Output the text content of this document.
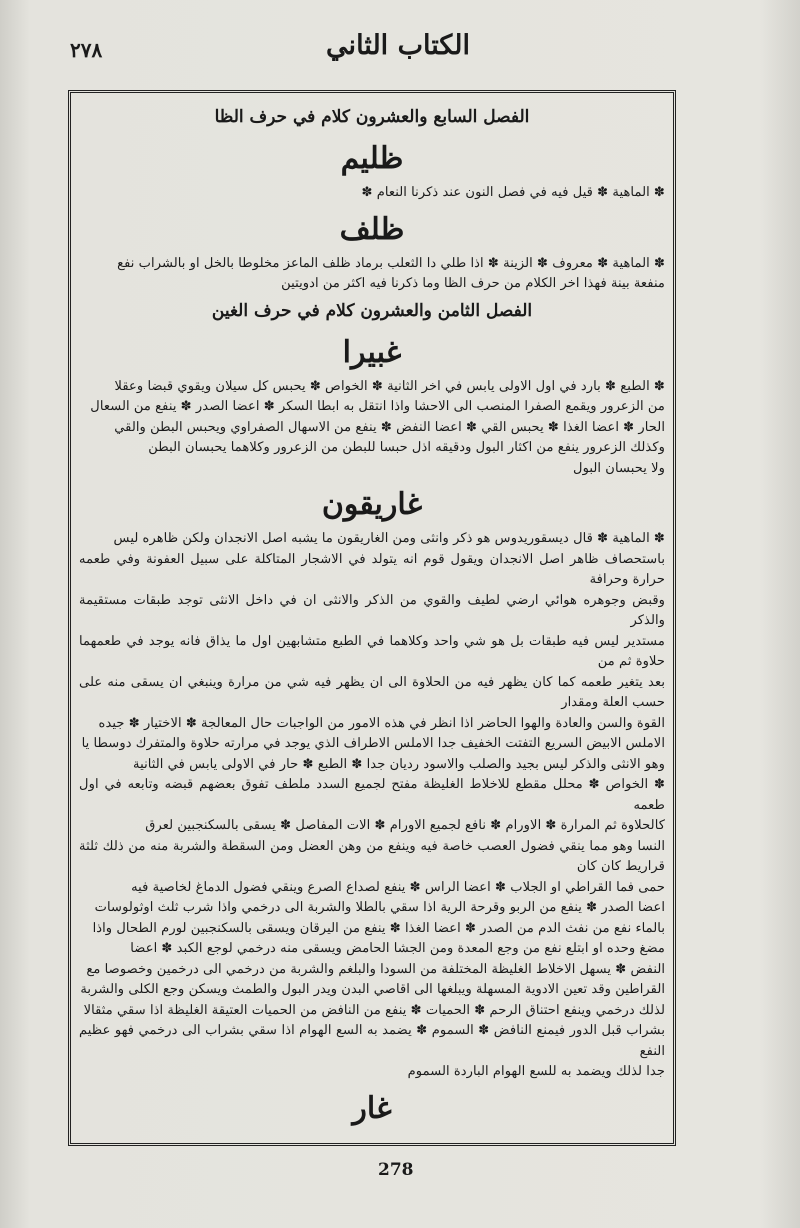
الكتاب الثاني
٢٧٨
الفصل السابع والعشرون كلام في حرف الظا
ظليم

✽ الماهية ✽ قيل فيه في فصل النون عند ذكرنا النعام ✽

ظلف

✽ الماهية ✽ معروف ✽ الزينة ✽ اذا طلي دا الثعلب برماد ظلف الماعز مخلوطا بالخل او بالشراب نفع

منفعة بينة فهذا اخر الكلام من حرف الظا وما ذكرنا فيه اكثر من ادويتين

الفصل الثامن والعشرون كلام في حرف الغين
غبيرا

✽ الطبع ✽ بارد في اول الاولى يابس في اخر الثانية ✽ الخواص ✽ يحبس كل سيلان ويقوي قبضا وعقلا

من الزعرور ويقمع الصفرا المنصب الى الاحشا واذا انتقل به ابطا السكر ✽ اعضا الصدر ✽ ينفع من السعال

الحار ✽ اعضا الغذا ✽ يحبس القي ✽ اعضا النفض ✽ ينفع من الاسهال الصفراوي ويحبس البطن والقي

وكذلك الزعرور ينفع من اكثار البول ودقيقه اذل حبسا للبطن من الزعرور وكلاهما يحبسان البطن

ولا يحبسان البول

غاريقون

✽ الماهية ✽ قال ديسقوريدوس هو ذكر وانثى ومن الغاريقون ما يشبه اصل الانجدان ولكن ظاهره ليس

باستحصاف ظاهر اصل الانجدان ويقول قوم انه يتولد في الاشجار المتاكلة على سبيل العفونة وفي طعمه حرارة وحرافة

وقبض وجوهره هوائي ارضي لطيف والقوي من الذكر والانثى ان في داخل الانثى توجد طبقات مستقيمة والذكر

مستدير ليس فيه طبقات بل هو شي واحد وكلاهما في الطبع متشابهين اول ما يذاق فانه يوجد في طعمهما حلاوة ثم من

بعد يتغير طعمه كما كان يظهر فيه من الحلاوة الى ان يظهر فيه شي من مرارة وينبغي ان يسقى منه على حسب العلة ومقدار

القوة والسن والعادة والهوا الحاضر اذا انظر في هذه الامور من الواجبات حال المعالجة ✽ الاختيار ✽ جيده

الاملس الابيض السريع التفتت الخفيف جدا الاملس الاطراف الذي يوجد في مرارته حلاوة والمتفرك دوسطا يا

وهو الانثى والذكر ليس بجيد والصلب والاسود رديان جدا ✽ الطبع ✽ حار في الاولى يابس في الثانية

✽ الخواص ✽ محلل مقطع للاخلاط الغليظة مفتح لجميع السدد ملطف تفوق بعضهم قبضه وتابعه في اول طعمه

كالحلاوة ثم المرارة ✽ الاورام ✽ نافع لجميع الاورام ✽ الات المفاصل ✽ يسقى بالسكنجبين لعرق

النسا وهو مما ينقي فضول العصب خاصة فيه وينفع من وهن العضل ومن السقطة والشربة منه من ذلك ثلثة قراريط كان كان

حمى فما القراطي او الجلاب ✽ اعضا الراس ✽ ينفع لصداع الصرع وينقي فضول الدماغ لخاصية فيه

اعضا الصدر ✽ ينفع من الربو وقرحة الرية اذا سقي بالطلا والشربة الى درخمي واذا شرب ثلث اوثولوسات

بالماء نفع من نفث الدم من الصدر ✽ اعضا الغذا ✽ ينفع من اليرقان ويسقى بالسكنجبين لورم الطحال واذا

مضغ وحده او ابتلع نفع من وجع المعدة ومن الجشا الحامض ويسقى منه درخمي لوجع الكبد ✽ اعضا

النفض ✽ يسهل الاخلاط الغليظة المختلفة من السودا والبلغم والشربة من درخمي الى درخمين وخصوصا مع

القراطين وقد تعين الادوية المسهلة ويبلغها الى اقاصي البدن ويدر البول والطمث ويسكن وجع الكلى والشربة

لذلك درخمي وينفع احتناق الرحم ✽ الحميات ✽ ينفع من النافض من الحميات العتيقة الغليظة اذا سقي مثقالا

بشراب قبل الدور فيمنع النافض ✽ السموم ✽ يضمد به السع الهوام اذا سقي بشراب الى درخمي فهو عظيم النفع

جدا لذلك ويضمد به للسع الهوام الباردة السموم

غار

278
